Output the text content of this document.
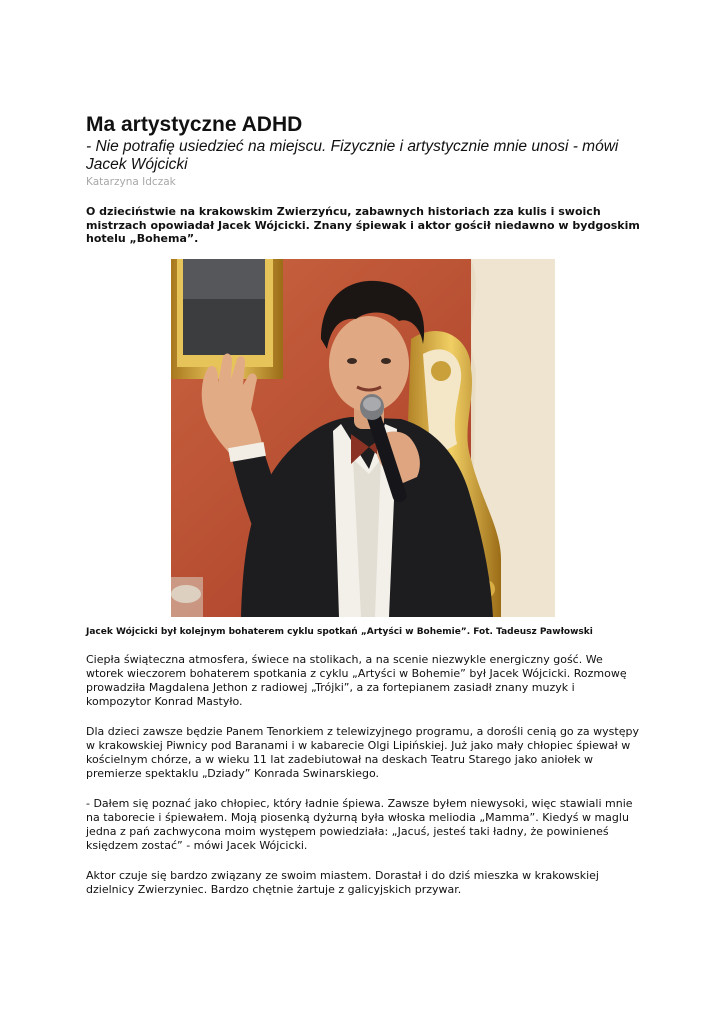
Ma artystyczne ADHD

- Nie potrafię usiedzieć na miejscu. Fizycznie i artystycznie mnie unosi - mówi Jacek Wójcicki

Katarzyna Idczak

O dzieciństwie na krakowskim Zwierzyńcu, zabawnych historiach zza kulis i swoich mistrzach opowiadał Jacek Wójcicki. Znany śpiewak i aktor gościł niedawno w bydgoskim hotelu „Bohema”.

Jacek Wójcicki był kolejnym bohaterem cyklu spotkań „Artyści w Bohemie”. Fot. Tadeusz Pawłowski

Ciepła świąteczna atmosfera, świece na stolikach, a na scenie niezwykle energiczny gość. We wtorek wieczorem bohaterem spotkania z cyklu „Artyści w Bohemie” był Jacek Wójcicki. Rozmowę prowadziła Magdalena Jethon z radiowej „Trójki”, a za fortepianem zasiadł znany muzyk i kompozytor Konrad Mastyło.

Dla dzieci zawsze będzie Panem Tenorkiem z telewizyjnego programu, a dorośli cenią go za występy w krakowskiej Piwnicy pod Baranami i w kabarecie Olgi Lipińskiej. Już jako mały chłopiec śpiewał w kościelnym chórze, a w wieku 11 lat zadebiutował na deskach Teatru Starego jako aniołek w premierze spektaklu „Dziady” Konrada Swinarskiego.

- Dałem się poznać jako chłopiec, który ładnie śpiewa. Zawsze byłem niewysoki, więc stawiali mnie na taborecie i śpiewałem. Moją piosenką dyżurną była włoska meliodia „Mamma”. Kiedyś w maglu jedna z pań zachwycona moim występem powiedziała: „Jacuś, jesteś taki ładny, że powinieneś księdzem zostać” - mówi Jacek Wójcicki.

Aktor czuje się bardzo związany ze swoim miastem. Dorastał i do dziś mieszka w krakowskiej dzielnicy Zwierzyniec. Bardzo chętnie żartuje z galicyjskich przywar.
